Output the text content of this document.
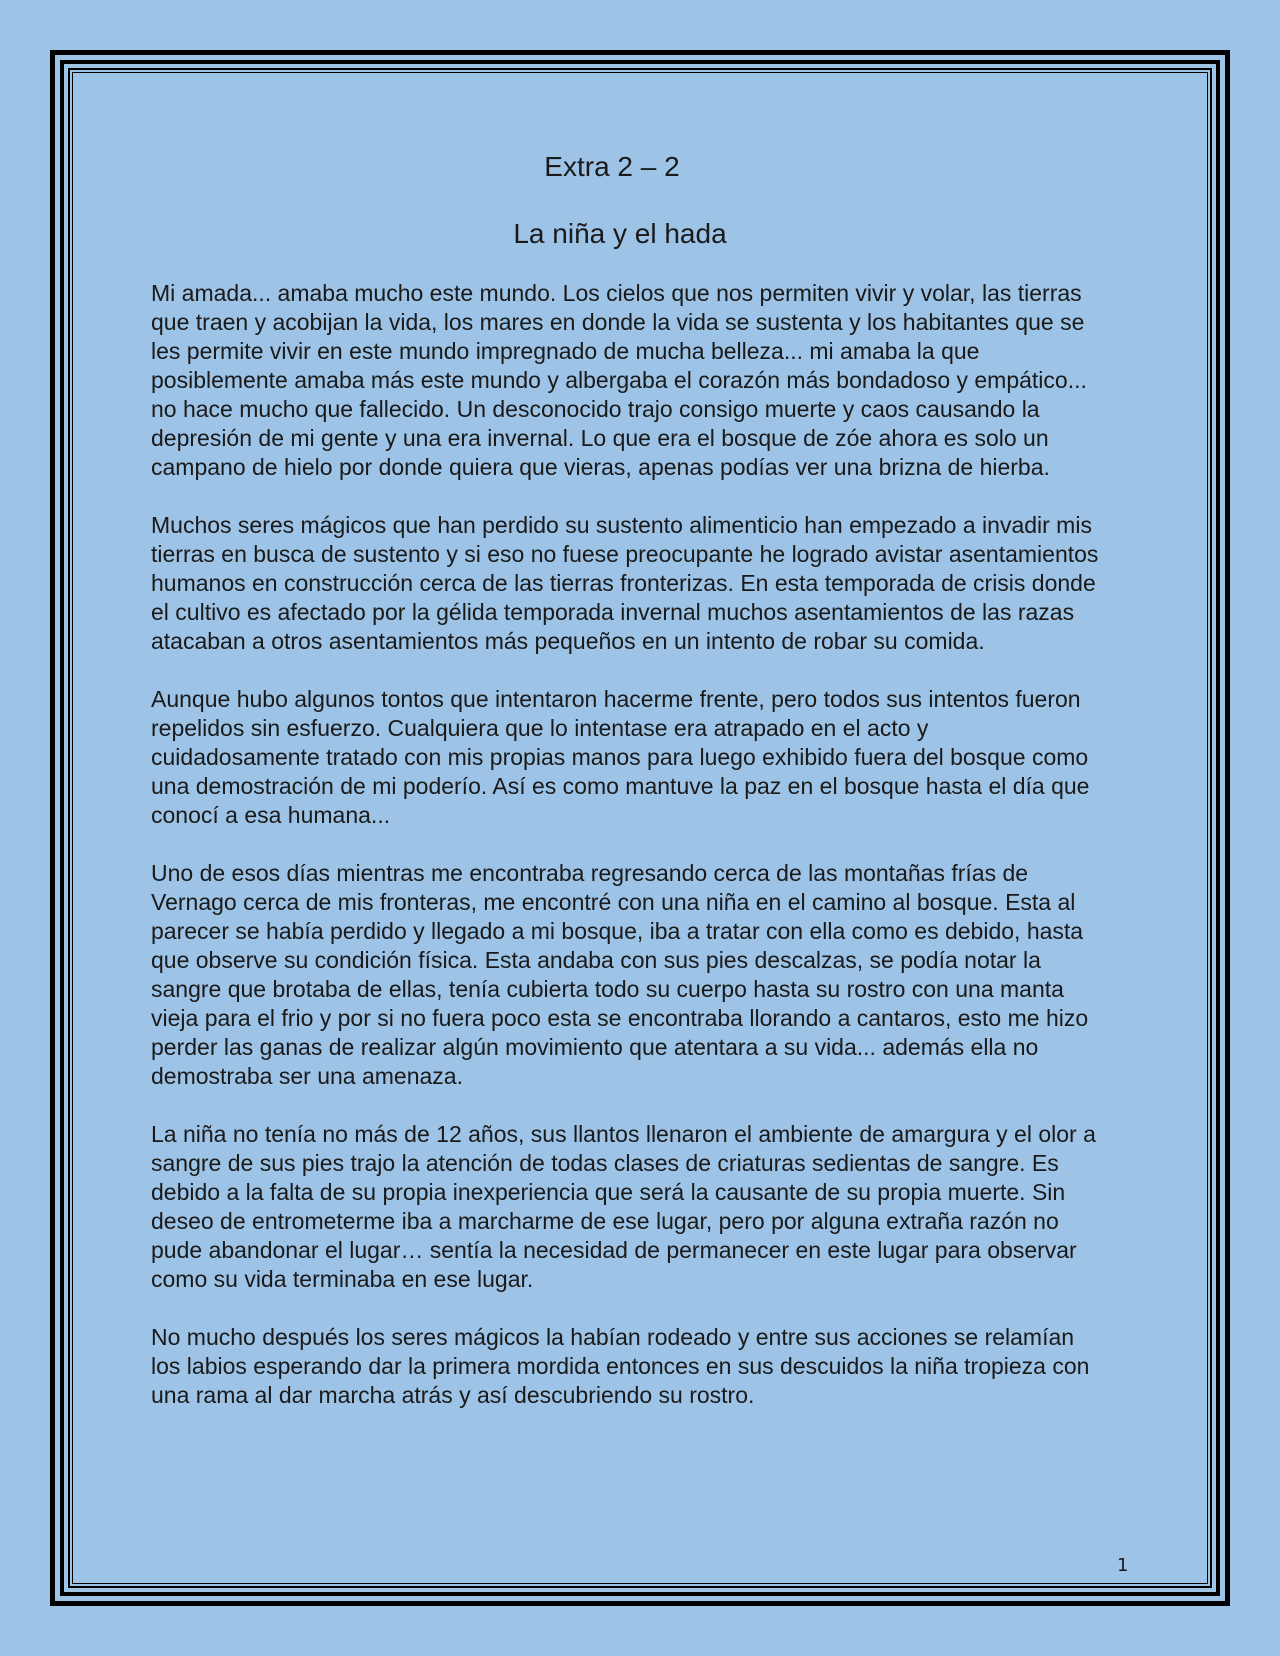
Extra 2 – 2
La niña y el hada

Mi amada... amaba mucho este mundo. Los cielos que nos permiten vivir y volar, las tierras que traen y acobijan la vida, los mares en donde la vida se sustenta y los habitantes que se les permite vivir en este mundo impregnado de mucha belleza... mi amaba la que posiblemente amaba más este mundo y albergaba el corazón más bondadoso y empático... no hace mucho que fallecido. Un desconocido trajo consigo muerte y caos causando la depresión de mi gente y una era invernal. Lo que era el bosque de zóe ahora es solo un campano de hielo por donde quiera que vieras, apenas podías ver una brizna de hierba.

Muchos seres mágicos que han perdido su sustento alimenticio han empezado a invadir mis tierras en busca de sustento y si eso no fuese preocupante he logrado avistar asentamientos humanos en construcción cerca de las tierras fronterizas. En esta temporada de crisis donde el cultivo es afectado por la gélida temporada invernal muchos asentamientos de las razas atacaban a otros asentamientos más pequeños en un intento de robar su comida.

Aunque hubo algunos tontos que intentaron hacerme frente, pero todos sus intentos fueron repelidos sin esfuerzo. Cualquiera que lo intentase era atrapado en el acto y cuidadosamente tratado con mis propias manos para luego exhibido fuera del bosque como una demostración de mi poderío. Así es como mantuve la paz en el bosque hasta el día que conocí a esa humana...

Uno de esos días mientras me encontraba regresando cerca de las montañas frías de Vernago cerca de mis fronteras, me encontré con una niña en el camino al bosque. Esta al parecer se había perdido y llegado a mi bosque, iba a tratar con ella como es debido, hasta que observe su condición física. Esta andaba con sus pies descalzas, se podía notar la sangre que brotaba de ellas, tenía cubierta todo su cuerpo hasta su rostro con una manta vieja para el frio y por si no fuera poco esta se encontraba llorando a cantaros, esto me hizo perder las ganas de realizar algún movimiento que atentara a su vida... además ella no demostraba ser una amenaza.

La niña no tenía no más de 12 años, sus llantos llenaron el ambiente de amargura y el olor a sangre de sus pies trajo la atención de todas clases de criaturas sedientas de sangre. Es debido a la falta de su propia inexperiencia que será la causante de su propia muerte. Sin deseo de entrometerme iba a marcharme de ese lugar, pero por alguna extraña razón no pude abandonar el lugar… sentía la necesidad de permanecer en este lugar para observar como su vida terminaba en ese lugar.

No mucho después los seres mágicos la habían rodeado y entre sus acciones se relamían los labios esperando dar la primera mordida entonces en sus descuidos la niña tropieza con una rama al dar marcha atrás y así descubriendo su rostro.

1
